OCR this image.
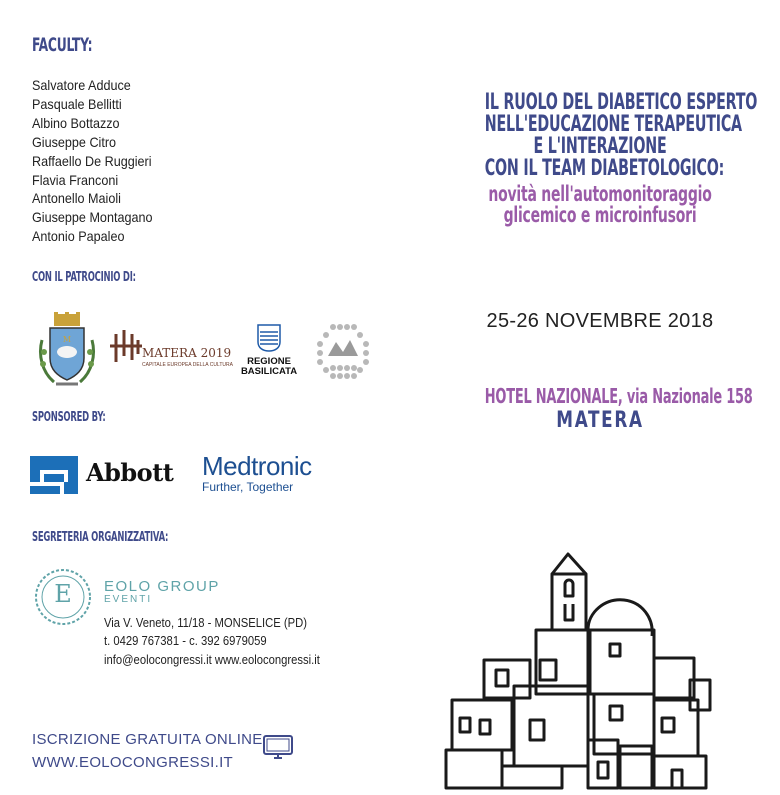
FACULTY:
Salvatore Adduce
Pasquale Bellitti
Albino Bottazzo
Giuseppe Citro
Raffaello De Ruggieri
Flavia Franconi
Antonello Maioli
Giuseppe Montagano
Antonio Papaleo
CON IL PATROCINIO DI:
M
MATERA 2019
CAPITALE EUROPEA DELLA CULTURA	REGIONE
BASILICATA
SPONSORED BY:
Abbott Medtronic
Further, Together
SEGRETERIA ORGANIZZATIVA:
E	EOLO GROUP
EVENTI
Via V. Veneto, 11/18 - MONSELICE (PD)
t. 0429 767381 - c. 392 6979059
info@eolocongressi.it www.eolocongressi.it
ISCRIZIONE GRATUITA ONLINE
WWW.EOLOCONGRESSI.IT
IL RUOLO DEL DIABETICO ESPERTO
NELL'EDUCAZIONE TERAPEUTICA
E L'INTERAZIONE
CON IL TEAM DIABETOLOGICO:
novità nell'automonitoraggio
glicemico e microinfusori
25-26 NOVEMBRE 2018
HOTEL NAZIONALE, via Nazionale 158
MATERA
